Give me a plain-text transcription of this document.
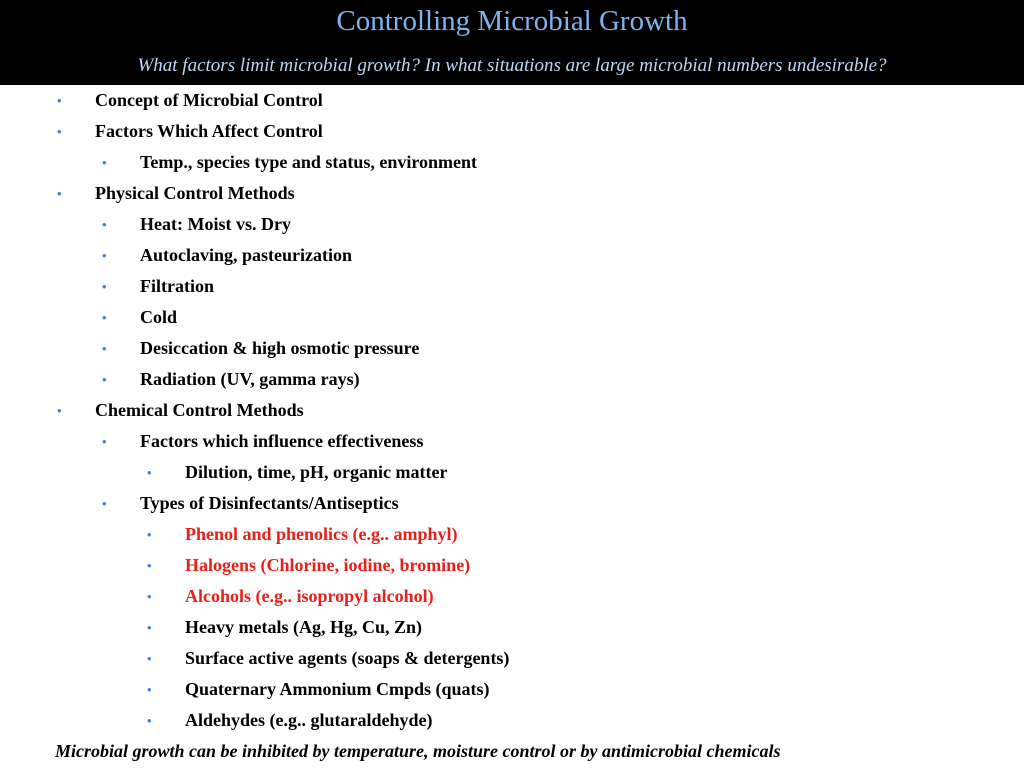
Controlling Microbial Growth
What factors limit microbial growth? In what situations are large microbial numbers undesirable?
• Concept of Microbial Control
• Factors Which Affect Control
• Temp., species type and status, environment
• Physical Control Methods
• Heat: Moist vs. Dry
• Autoclaving, pasteurization
• Filtration
• Cold
• Desiccation & high osmotic pressure
• Radiation (UV, gamma rays)
• Chemical Control Methods
• Factors which influence effectiveness
• Dilution, time, pH, organic matter
• Types of Disinfectants/Antiseptics
• Phenol and phenolics (e.g.. amphyl)
• Halogens (Chlorine, iodine, bromine)
• Alcohols (e.g.. isopropyl alcohol)
• Heavy metals (Ag, Hg, Cu, Zn)
• Surface active agents (soaps & detergents)
• Quaternary Ammonium Cmpds (quats)
• Aldehydes (e.g.. glutaraldehyde)
Microbial growth can be inhibited by temperature, moisture control or by antimicrobial chemicals
